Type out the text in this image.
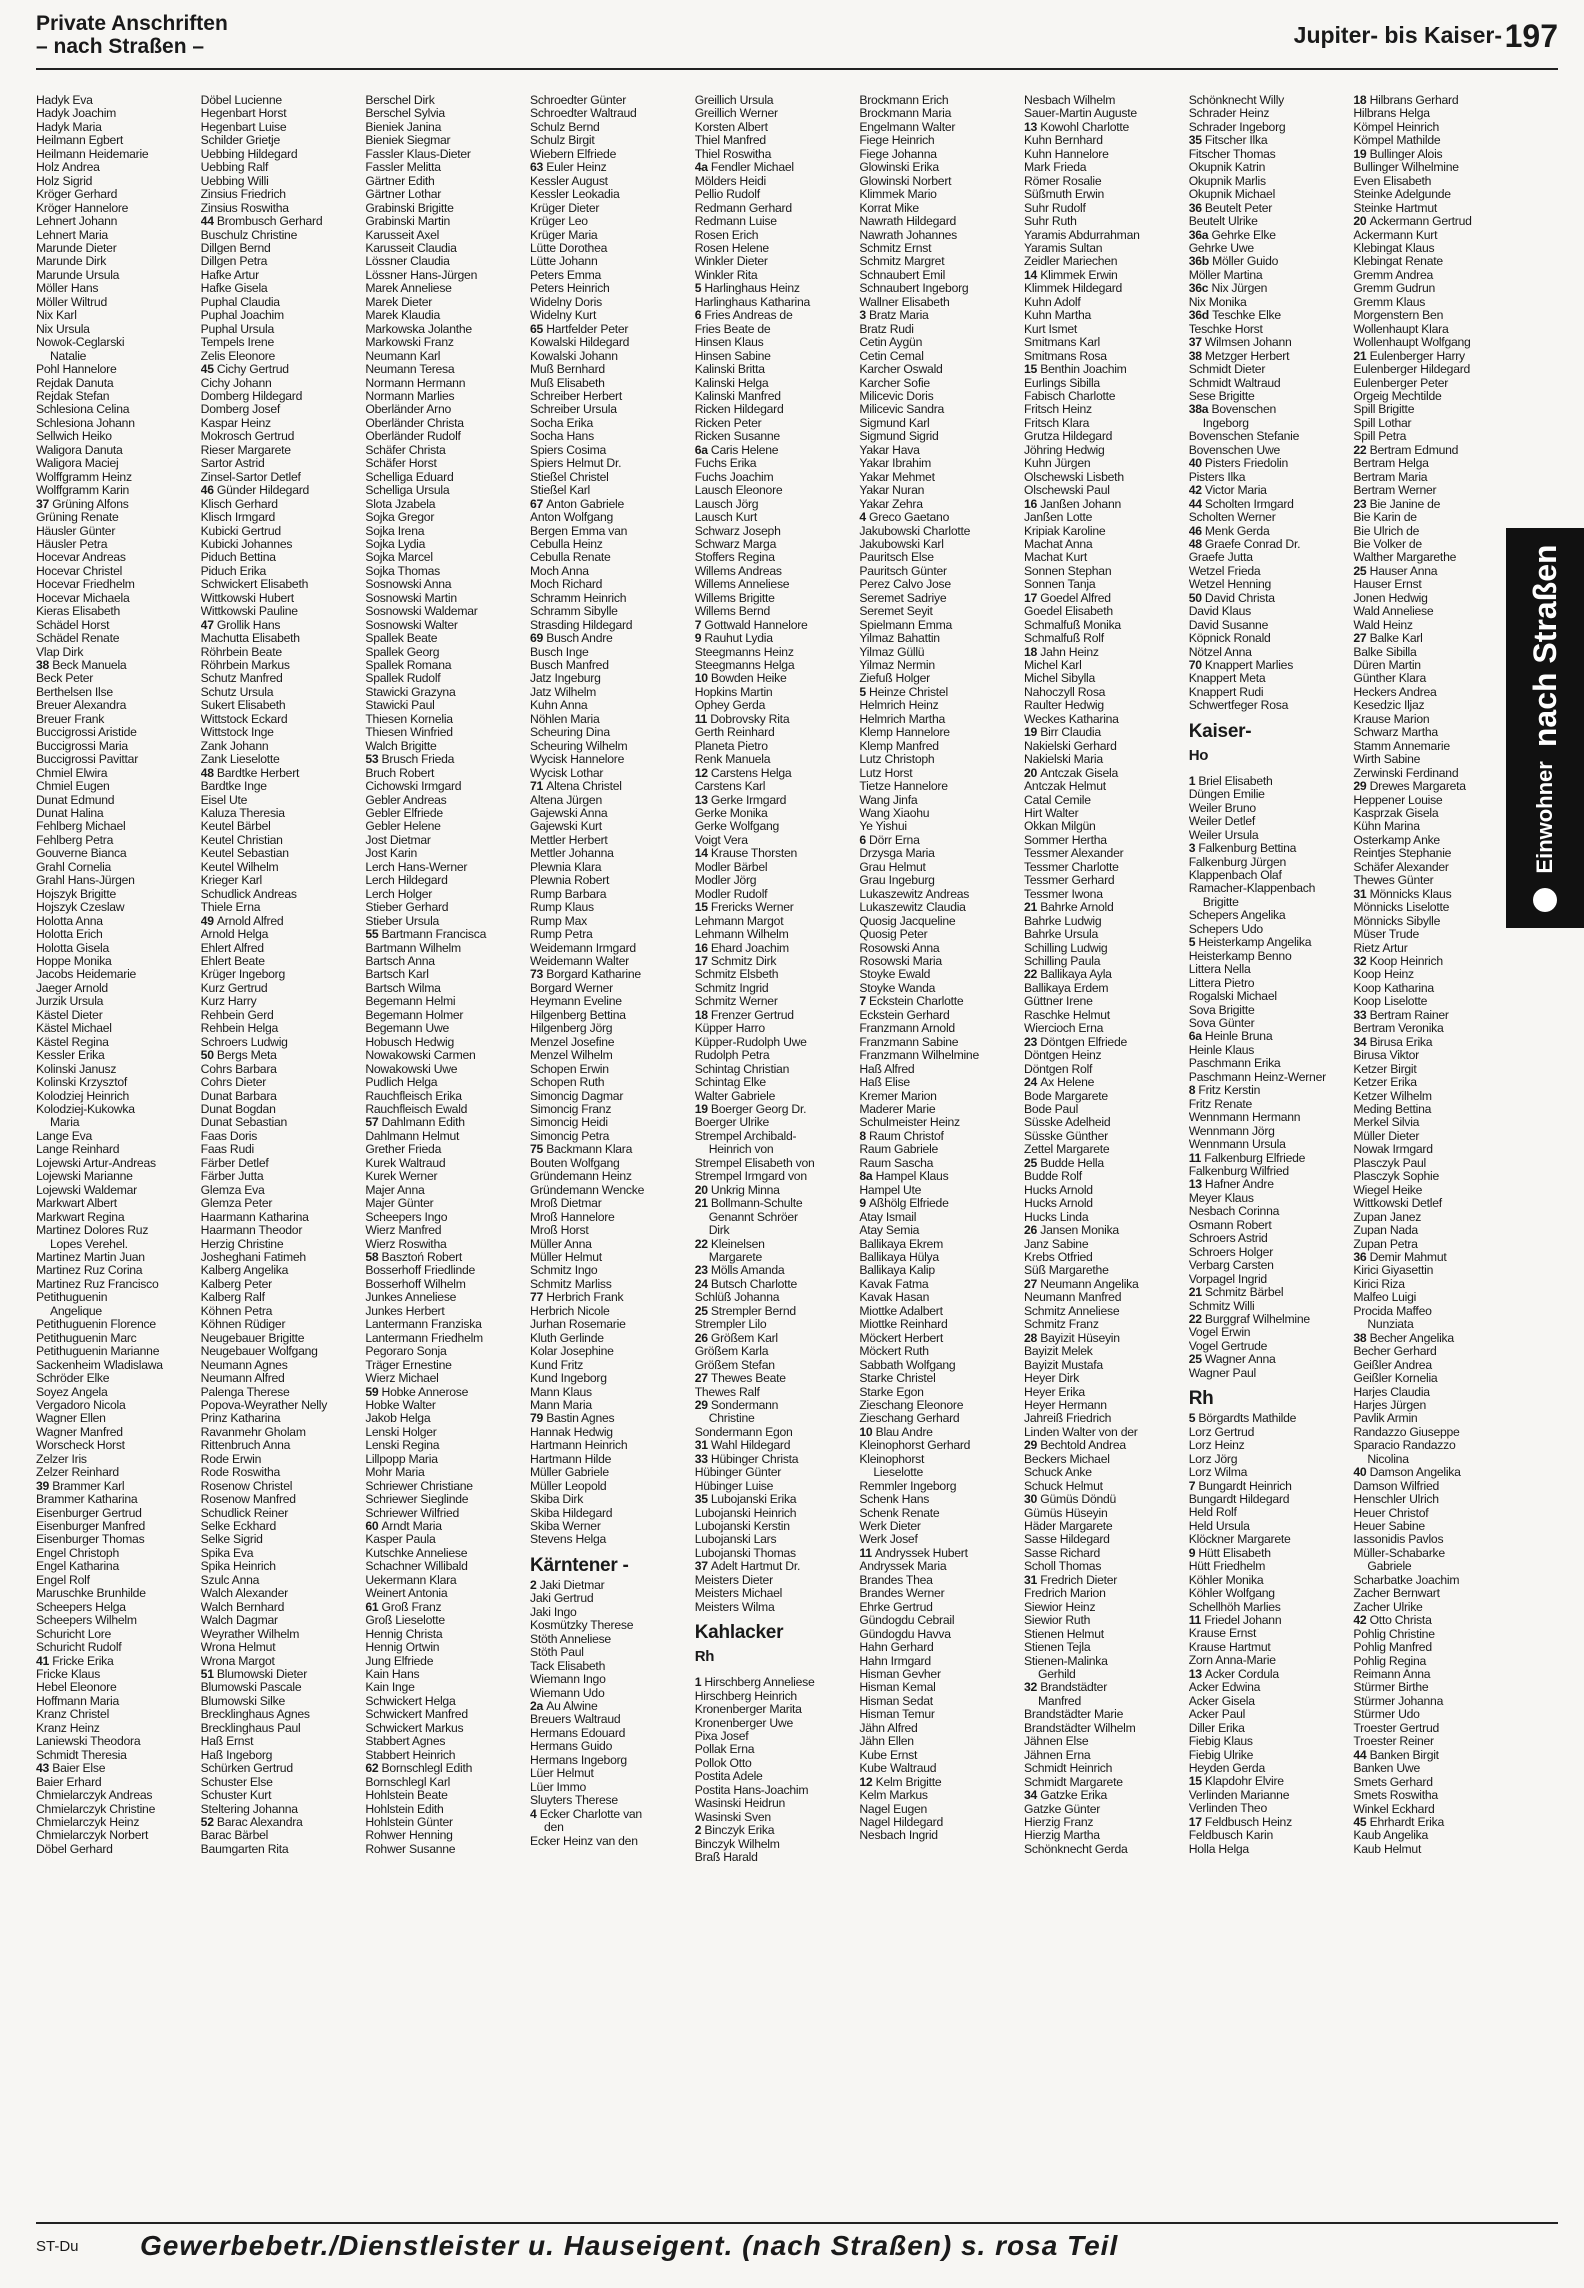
Private Anschriften
– nach Straßen –	Jupiter- bis Kaiser- 197
Hadyk Eva
Hadyk Joachim
Hadyk Maria
Heilmann Egbert
Heilmann Heidemarie
Holz Andrea
Holz Sigrid
Kröger Gerhard
Kröger Hannelore
Lehnert Johann
Lehnert Maria
Marunde Dieter
Marunde Dirk
Marunde Ursula
Möller Hans
Möller Wiltrud
Nix Karl
Nix Ursula
Nowok-Ceglarski
Natalie
Pohl Hannelore
Rejdak Danuta
Rejdak Stefan
Schlesiona Celina
Schlesiona Johann
Sellwich Heiko
Waligora Danuta
Waligora Maciej
Wolffgramm Heinz
Wolffgramm Karin
37 Grüning Alfons
Grüning Renate
Häusler Günter
Häusler Petra
Hocevar Andreas
Hocevar Christel
Hocevar Friedhelm
Hocevar Michaela
Kieras Elisabeth
Schädel Horst
Schädel Renate
Vlap Dirk
38 Beck Manuela
Beck Peter
Berthelsen Ilse
Breuer Alexandra
Breuer Frank
Buccigrossi Aristide
Buccigrossi Maria
Buccigrossi Pavittar
Chmiel Elwira
Chmiel Eugen
Dunat Edmund
Dunat Halina
Fehlberg Michael
Fehlberg Petra
Gouverne Bianca
Grahl Cornelia
Grahl Hans-Jürgen
Hojszyk Brigitte
Hojszyk Czeslaw
Holotta Anna
Holotta Erich
Holotta Gisela
Hoppe Monika
Jacobs Heidemarie
Jaeger Arnold
Jurzik Ursula
Kästel Dieter
Kästel Michael
Kästel Regina
Kessler Erika
Kolinski Janusz
Kolinski Krzysztof
Kolodziej Heinrich
Kolodziej-Kukowka
Maria
Lange Eva
Lange Reinhard
Lojewski Artur-Andreas
Lojewski Marianne
Lojewski Waldemar
Markwart Albert
Markwart Regina
Martinez Dolores Ruz
Lopes Verehel.
Martinez Martin Juan
Martinez Ruz Corina
Martinez Ruz Francisco
Petithuguenin
Angelique
Petithuguenin Florence
Petithuguenin Marc
Petithuguenin Marianne
Sackenheim Wladislawa
Schröder Elke
Soyez Angela
Vergadoro Nicola
Wagner Ellen
Wagner Manfred
Worscheck Horst
Zelzer Iris
Zelzer Reinhard
39 Brammer Karl
Brammer Katharina
Eisenburger Gertrud
Eisenburger Manfred
Eisenburger Thomas
Engel Christoph
Engel Katharina
Engel Rolf
Maruschke Brunhilde
Scheepers Helga
Scheepers Wilhelm
Schuricht Lore
Schuricht Rudolf
41 Fricke Erika
Fricke Klaus
Hebel Eleonore
Hoffmann Maria
Kranz Christel
Kranz Heinz
Laniewski Theodora
Schmidt Theresia
43 Baier Else
Baier Erhard
Chmielarczyk Andreas
Chmielarczyk Christine
Chmielarczyk Heinz
Chmielarczyk Norbert
Döbel Gerhard
Döbel Lucienne
Hegenbart Horst
Hegenbart Luise
Schilder Grietje
Uebbing Hildegard
Uebbing Ralf
Uebbing Willi
Zinsius Friedrich
Zinsius Roswitha
44 Brombusch Gerhard
Buschulz Christine
Dillgen Bernd
Dillgen Petra
Hafke Artur
Hafke Gisela
Puphal Claudia
Puphal Joachim
Puphal Ursula
Tempels Irene
Zelis Eleonore
45 Cichy Gertrud
Cichy Johann
Domberg Hildegard
Domberg Josef
Kaspar Heinz
Mokrosch Gertrud
Rieser Margarete
Sartor Astrid
Zinsel-Sartor Detlef
46 Günder Hildegard
Klisch Gerhard
Klisch Irmgard
Kubicki Gertrud
Kubicki Johannes
Piduch Bettina
Piduch Erika
Schwickert Elisabeth
Wittkowski Hubert
Wittkowski Pauline
47 Grollik Hans
Machutta Elisabeth
Röhrbein Beate
Röhrbein Markus
Schutz Manfred
Schutz Ursula
Sukert Elisabeth
Wittstock Eckard
Wittstock Inge
Zank Johann
Zank Lieselotte
48 Bardtke Herbert
Bardtke Inge
Eisel Ute
Kaluza Theresia
Keutel Bärbel
Keutel Christian
Keutel Sebastian
Keutel Wilhelm
Krieger Karl
Schudlick Andreas
Thiele Erna
49 Arnold Alfred
Arnold Helga
Ehlert Alfred
Ehlert Beate
Krüger Ingeborg
Kurz Gertrud
Kurz Harry
Rehbein Gerd
Rehbein Helga
Schroers Ludwig
50 Bergs Meta
Cohrs Barbara
Cohrs Dieter
Dunat Barbara
Dunat Bogdan
Dunat Sebastian
Faas Doris
Faas Rudi
Färber Detlef
Färber Jutta
Glemza Eva
Glemza Peter
Haarmann Katharina
Haarmann Theodor
Herzig Christine
Josheghani Fatimeh
Kalberg Angelika
Kalberg Peter
Kalberg Ralf
Köhnen Petra
Köhnen Rüdiger
Neugebauer Brigitte
Neugebauer Wolfgang
Neumann Agnes
Neumann Alfred
Palenga Therese
Popova-Weyrather Nelly
Prinz Katharina
Ravanmehr Gholam
Rittenbruch Anna
Rode Erwin
Rode Roswitha
Rosenow Christel
Rosenow Manfred
Schudlick Reiner
Selke Eckhard
Selke Sigrid
Spika Eva
Spika Heinrich
Szulc Anna
Walch Alexander
Walch Bernhard
Walch Dagmar
Weyrather Wilhelm
Wrona Helmut
Wrona Margot
51 Blumowski Dieter
Blumowski Pascale
Blumowski Silke
Brecklinghaus Agnes
Brecklinghaus Paul
Haß Ernst
Haß Ingeborg
Schürken Gertrud
Schuster Else
Schuster Kurt
Steltering Johanna
52 Barac Alexandra
Barac Bärbel
Baumgarten Rita
Berschel Dirk
Berschel Sylvia
Bieniek Janina
Bieniek Siegmar
Fassler Klaus-Dieter
Fassler Melitta
Gärtner Edith
Gärtner Lothar
Grabinski Brigitte
Grabinski Martin
Karusseit Axel
Karusseit Claudia
Lössner Claudia
Lössner Hans-Jürgen
Marek Anneliese
Marek Dieter
Marek Klaudia
Markowska Jolanthe
Markowski Franz
Neumann Karl
Neumann Teresa
Normann Hermann
Normann Marlies
Oberländer Arno
Oberländer Christa
Oberländer Rudolf
Schäfer Christa
Schäfer Horst
Schelliga Eduard
Schelliga Ursula
Slota Jzabela
Sojka Gregor
Sojka Irena
Sojka Lydia
Sojka Marcel
Sojka Thomas
Sosnowski Anna
Sosnowski Martin
Sosnowski Waldemar
Sosnowski Walter
Spallek Beate
Spallek Georg
Spallek Romana
Spallek Rudolf
Stawicki Grazyna
Stawicki Paul
Thiesen Kornelia
Thiesen Winfried
Walch Brigitte
53 Brusch Frieda
Bruch Robert
Cichowski Irmgard
Gebler Andreas
Gebler Elfriede
Gebler Helene
Jost Dietmar
Jost Karin
Lerch Hans-Werner
Lerch Hildegard
Lerch Holger
Stieber Gerhard
Stieber Ursula
55 Bartmann Francisca
Bartmann Wilhelm
Bartsch Anna
Bartsch Karl
Bartsch Wilma
Begemann Helmi
Begemann Holmer
Begemann Uwe
Hobusch Hedwig
Nowakowski Carmen
Nowakowski Uwe
Pudlich Helga
Rauchfleisch Erika
Rauchfleisch Ewald
57 Dahlmann Edith
Dahlmann Helmut
Grether Frieda
Kurek Waltraud
Kurek Werner
Majer Anna
Majer Günter
Scheepers Ingo
Wierz Manfred
Wierz Roswitha
58 Basztoń Robert
Bosserhoff Friedlinde
Bosserhoff Wilhelm
Junkes Anneliese
Junkes Herbert
Lantermann Franziska
Lantermann Friedhelm
Pegoraro Sonja
Träger Ernestine
Wierz Michael
59 Hobke Annerose
Hobke Walter
Jakob Helga
Lenski Holger
Lenski Regina
Lillpopp Maria
Mohr Maria
Schriewer Christiane
Schriewer Sieglinde
Schriewer Wilfried
60 Arndt Maria
Kasper Paula
Kutschke Anneliese
Schachner Willibald
Uekermann Klara
Weinert Antonia
61 Groß Franz
Groß Lieselotte
Hennig Christa
Hennig Ortwin
Jung Elfriede
Kain Hans
Kain Inge
Schwickert Helga
Schwickert Manfred
Schwickert Markus
Stabbert Agnes
Stabbert Heinrich
62 Bornschlegl Edith
Bornschlegl Karl
Hohlstein Beate
Hohlstein Edith
Hohlstein Günter
Rohwer Henning
Rohwer Susanne
Schroedter Günter
Schroedter Waltraud
Schulz Bernd
Schulz Birgit
Wiebern Elfriede
63 Euler Heinz
Kessler August
Kessler Leokadia
Krüger Dieter
Krüger Leo
Krüger Maria
Lütte Dorothea
Lütte Johann
Peters Emma
Peters Heinrich
Widelny Doris
Widelny Kurt
65 Hartfelder Peter
Kowalski Hildegard
Kowalski Johann
Muß Bernhard
Muß Elisabeth
Schreiber Herbert
Schreiber Ursula
Socha Erika
Socha Hans
Spiers Cosima
Spiers Helmut Dr.
Stießel Christel
Stießel Karl
67 Anton Gabriele
Anton Wolfgang
Bergen Emma van
Cebulla Heinz
Cebulla Renate
Moch Anna
Moch Richard
Schramm Heinrich
Schramm Sibylle
Strasding Hildegard
69 Busch Andre
Busch Inge
Busch Manfred
Jatz Ingeburg
Jatz Wilhelm
Kuhn Anna
Nöhlen Maria
Scheuring Dina
Scheuring Wilhelm
Wycisk Hannelore
Wycisk Lothar
71 Altena Christel
Altena Jürgen
Gajewski Anna
Gajewski Kurt
Mettler Herbert
Mettler Johanna
Plewnia Klara
Plewnia Robert
Rump Barbara
Rump Klaus
Rump Max
Rump Petra
Weidemann Irmgard
Weidemann Walter
73 Borgard Katharine
Borgard Werner
Heymann Eveline
Hilgenberg Bettina
Hilgenberg Jörg
Menzel Josefine
Menzel Wilhelm
Schopen Erwin
Schopen Ruth
Simoncig Dagmar
Simoncig Franz
Simoncig Heidi
Simoncig Petra
75 Backmann Klara
Bouten Wolfgang
Gründemann Heinz
Gründemann Wencke
Mroß Dietmar
Mroß Hannelore
Mroß Horst
Müller Anna
Müller Helmut
Schmitz Ingo
Schmitz Marliss
77 Herbrich Frank
Herbrich Nicole
Jurhan Rosemarie
Kluth Gerlinde
Kolar Josephine
Kund Fritz
Kund Ingeborg
Mann Klaus
Mann Maria
79 Bastin Agnes
Hannak Hedwig
Hartmann Heinrich
Hartmann Hilde
Müller Gabriele
Müller Leopold
Skiba Dirk
Skiba Hildegard
Skiba Werner
Stevens Helga
Kärntener -
2 Jaki Dietmar
Jaki Gertrud
Jaki Ingo
Kosmützky Therese
Stöth Anneliese
Stöth Paul
Tack Elisabeth
Wiemann Ingo
Wiemann Udo
2a Au Alwine
Breuers Waltraud
Hermans Edouard
Hermans Guido
Hermans Ingeborg
Lüer Helmut
Lüer Immo
Sluyters Therese
4 Ecker Charlotte van
den
Ecker Heinz van den
Greillich Ursula
Greillich Werner
Korsten Albert
Thiel Manfred
Thiel Roswitha
4a Fendler Michael
Mölders Heidi
Pellio Rudolf
Redmann Gerhard
Redmann Luise
Rosen Erich
Rosen Helene
Winkler Dieter
Winkler Rita
5 Harlinghaus Heinz
Harlinghaus Katharina
6 Fries Andreas de
Fries Beate de
Hinsen Klaus
Hinsen Sabine
Kalinski Britta
Kalinski Helga
Kalinski Manfred
Ricken Hildegard
Ricken Peter
Ricken Susanne
6a Caris Helene
Fuchs Erika
Fuchs Joachim
Lausch Eleonore
Lausch Jörg
Lausch Kurt
Schwarz Joseph
Schwarz Marga
Stoffers Regina
Willems Andreas
Willems Anneliese
Willems Brigitte
Willems Bernd
7 Gottwald Hannelore
9 Rauhut Lydia
Steegmanns Heinz
Steegmanns Helga
10 Bowden Heike
Hopkins Martin
Ophey Gerda
11 Dobrovsky Rita
Gerth Reinhard
Planeta Pietro
Renk Manuela
12 Carstens Helga
Carstens Karl
13 Gerke Irmgard
Gerke Monika
Gerke Wolfgang
Voigt Vera
14 Krause Thorsten
Modler Bärbel
Modler Jörg
Modler Rudolf
15 Frericks Werner
Lehmann Margot
Lehmann Wilhelm
16 Ehard Joachim
17 Schmitz Dirk
Schmitz Elsbeth
Schmitz Ingrid
Schmitz Werner
18 Frenzer Gertrud
Küpper Harro
Küpper-Rudolph Uwe
Rudolph Petra
Schintag Christian
Schintag Elke
Walter Gabriele
19 Boerger Georg Dr.
Boerger Ulrike
Strempel Archibald-
Heinrich von
Strempel Elisabeth von
Strempel Irmgard von
20 Unkrig Minna
21 Bollmann-Schulte
Genannt Schröer
Dirk
22 Kleinelsen
Margarete
23 Mölls Amanda
24 Butsch Charlotte
Schlüß Johanna
25 Strempler Bernd
Strempler Lilo
26 Größem Karl
Größem Karla
Größem Stefan
27 Thewes Beate
Thewes Ralf
29 Sondermann
Christine
Sondermann Egon
31 Wahl Hildegard
33 Hübinger Christa
Hübinger Günter
Hübinger Luise
35 Lubojanski Erika
Lubojanski Heinrich
Lubojanski Kerstin
Lubojanski Lars
Lubojanski Thomas
37 Adelt Hartmut Dr.
Meisters Dieter
Meisters Michael
Meisters Wilma
Kahlacker
Rh
1 Hirschberg Anneliese
Hirschberg Heinrich
Kronenberger Marita
Kronenberger Uwe
Pixa Josef
Pollak Erna
Pollok Otto
Postita Adele
Postita Hans-Joachim
Wasinski Heidrun
Wasinski Sven
2 Binczyk Erika
Binczyk Wilhelm
Braß Harald
Brockmann Erich
Brockmann Maria
Engelmann Walter
Fiege Heinrich
Fiege Johanna
Glowinski Erika
Glowinski Norbert
Klimmek Mario
Korrat Mike
Nawrath Hildegard
Nawrath Johannes
Schmitz Ernst
Schmitz Margret
Schnaubert Emil
Schnaubert Ingeborg
Wallner Elisabeth
3 Bratz Maria
Bratz Rudi
Cetin Aygün
Cetin Cemal
Karcher Oswald
Karcher Sofie
Milicevic Doris
Milicevic Sandra
Sigmund Karl
Sigmund Sigrid
Yakar Hava
Yakar Ibrahim
Yakar Mehmet
Yakar Nuran
Yakar Zehra
4 Greco Gaetano
Jakubowski Charlotte
Jakubowski Karl
Pauritsch Else
Pauritsch Günter
Perez Calvo Jose
Seremet Sadriye
Seremet Seyit
Spielmann Emma
Yilmaz Bahattin
Yilmaz Güllü
Yilmaz Nermin
Ziefuß Holger
5 Heinze Christel
Helmrich Heinz
Helmrich Martha
Klemp Hannelore
Klemp Manfred
Lutz Christoph
Lutz Horst
Tietze Hannelore
Wang Jinfa
Wang Xiaohu
Ye Yishui
6 Dörr Erna
Drzysga Maria
Grau Helmut
Grau Ingeburg
Lukaszewitz Andreas
Lukaszewitz Claudia
Quosig Jacqueline
Quosig Peter
Rosowski Anna
Rosowski Maria
Stoyke Ewald
Stoyke Wanda
7 Eckstein Charlotte
Eckstein Gerhard
Franzmann Arnold
Franzmann Sabine
Franzmann Wilhelmine
Haß Alfred
Haß Elise
Kremer Marion
Maderer Marie
Schulmeister Heinz
8 Raum Christof
Raum Gabriele
Raum Sascha
8a Hampel Klaus
Hampel Ute
9 Aßhölg Elfriede
Atay Ismail
Atay Semia
Ballikaya Ekrem
Ballikaya Hülya
Ballikaya Kalip
Kavak Fatma
Kavak Hasan
Miottke Adalbert
Miottke Reinhard
Möckert Herbert
Möckert Ruth
Sabbath Wolfgang
Starke Christel
Starke Egon
Zieschang Eleonore
Zieschang Gerhard
10 Blau Andre
Kleinophorst Gerhard
Kleinophorst
Lieselotte
Remmler Ingeborg
Schenk Hans
Schenk Renate
Werk Dieter
Werk Josef
11 Andryssek Hubert
Andryssek Maria
Brandes Thea
Brandes Werner
Ehrke Gertrud
Gündogdu Cebrail
Gündogdu Havva
Hahn Gerhard
Hahn Irmgard
Hisman Gevher
Hisman Kemal
Hisman Sedat
Hisman Temur
Jähn Alfred
Jähn Ellen
Kube Ernst
Kube Waltraud
12 Kelm Brigitte
Kelm Markus
Nagel Eugen
Nagel Hildegard
Nesbach Ingrid
Nesbach Wilhelm
Sauer-Martin Auguste
13 Kowohl Charlotte
Kuhn Bernhard
Kuhn Hannelore
Mark Frieda
Römer Rosalie
Süßmuth Erwin
Suhr Rudolf
Suhr Ruth
Yaramis Abdurrahman
Yaramis Sultan
Zeidler Mariechen
14 Klimmek Erwin
Klimmek Hildegard
Kuhn Adolf
Kuhn Martha
Kurt Ismet
Smitmans Karl
Smitmans Rosa
15 Benthin Joachim
Eurlings Sibilla
Fabisch Charlotte
Fritsch Heinz
Fritsch Klara
Grutza Hildegard
Jöhring Hedwig
Kuhn Jürgen
Olschewski Lisbeth
Olschewski Paul
16 Janßen Johann
Janßen Lotte
Kripiak Karoline
Machat Anna
Machat Kurt
Sonnen Stephan
Sonnen Tanja
17 Goedel Alfred
Goedel Elisabeth
Schmalfuß Monika
Schmalfuß Rolf
18 Jahn Heinz
Michel Karl
Michel Sibylla
Nahoczyll Rosa
Raulter Hedwig
Weckes Katharina
19 Birr Claudia
Nakielski Gerhard
Nakielski Maria
20 Antczak Gisela
Antczak Helmut
Catal Cemile
Hirt Walter
Okkan Milgün
Sommer Hertha
Tessmer Alexander
Tessmer Charlotte
Tessmer Gerhard
Tessmer Iwona
21 Bahrke Arnold
Bahrke Ludwig
Bahrke Ursula
Schilling Ludwig
Schilling Paula
22 Ballikaya Ayla
Ballikaya Erdem
Güttner Irene
Raschke Helmut
Wiercioch Erna
23 Döntgen Elfriede
Döntgen Heinz
Döntgen Rolf
24 Ax Helene
Bode Margarete
Bode Paul
Süsske Adelheid
Süsske Günther
Zettel Margarete
25 Budde Hella
Budde Rolf
Hucks Arnold
Hucks Arnold
Hucks Linda
26 Jansen Monika
Janz Sabine
Krebs Otfried
Süß Margarethe
27 Neumann Angelika
Neumann Manfred
Schmitz Anneliese
Schmitz Franz
28 Bayizit Hüseyin
Bayizit Melek
Bayizit Mustafa
Heyer Dirk
Heyer Erika
Heyer Hermann
Jahreiß Friedrich
Linden Walter von der
29 Bechtold Andrea
Beckers Michael
Schuck Anke
Schuck Helmut
30 Gümüs Döndü
Gümüs Hüseyin
Häder Margarete
Sasse Hildegard
Sasse Richard
Scholl Thomas
31 Fredrich Dieter
Fredrich Marion
Siewior Heinz
Siewior Ruth
Stienen Helmut
Stienen Tejla
Stienen-Malinka
Gerhild
32 Brandstädter
Manfred
Brandstädter Marie
Brandstädter Wilhelm
Jähnen Else
Jähnen Erna
Schmidt Heinrich
Schmidt Margarete
34 Gatzke Erika
Gatzke Günter
Hierzig Franz
Hierzig Martha
Schönknecht Gerda
Schönknecht Willy
Schrader Heinz
Schrader Ingeborg
35 Fitscher Ilka
Fitscher Thomas
Okupnik Katrin
Okupnik Marlis
Okupnik Michael
36 Beutelt Peter
Beutelt Ulrike
36a Gehrke Elke
Gehrke Uwe
36b Möller Guido
Möller Martina
36c Nix Jürgen
Nix Monika
36d Teschke Elke
Teschke Horst
37 Wilmsen Johann
38 Metzger Herbert
Schmidt Dieter
Schmidt Waltraud
Sese Brigitte
38a Bovenschen
Ingeborg
Bovenschen Stefanie
Bovenschen Uwe
40 Pisters Friedolin
Pisters Ilka
42 Victor Maria
44 Scholten Irmgard
Scholten Werner
46 Menk Gerda
48 Graefe Conrad Dr.
Graefe Jutta
Wetzel Frieda
Wetzel Henning
50 David Christa
David Klaus
David Susanne
Köpnick Ronald
Nötzel Anna
70 Knappert Marlies
Knappert Meta
Knappert Rudi
Schwertfeger Rosa
Kaiser-
Ho
1 Briel Elisabeth
Düngen Emilie
Weiler Bruno
Weiler Detlef
Weiler Ursula
3 Falkenburg Bettina
Falkenburg Jürgen
Klappenbach Olaf
Ramacher-Klappenbach
Brigitte
Schepers Angelika
Schepers Udo
5 Heisterkamp Angelika
Heisterkamp Benno
Littera Nella
Littera Pietro
Rogalski Michael
Sova Brigitte
Sova Günter
6a Heinle Bruna
Heinle Klaus
Paschmann Erika
Paschmann Heinz-Werner
8 Fritz Kerstin
Fritz Renate
Wennmann Hermann
Wennmann Jörg
Wennmann Ursula
11 Falkenburg Elfriede
Falkenburg Wilfried
13 Hafner Andre
Meyer Klaus
Nesbach Corinna
Osmann Robert
Schroers Astrid
Schroers Holger
Verbarg Carsten
Vorpagel Ingrid
21 Schmitz Bärbel
Schmitz Willi
22 Burggraf Wilhelmine
Vogel Erwin
Vogel Gertrude
25 Wagner Anna
Wagner Paul
Rh
5 Börgardts Mathilde
Lorz Gertrud
Lorz Heinz
Lorz Jörg
Lorz Wilma
7 Bungardt Heinrich
Bungardt Hildegard
Held Rolf
Held Ursula
Klöckner Margarete
9 Hütt Elisabeth
Hütt Friedhelm
Köhler Monika
Köhler Wolfgang
Schellhöh Marlies
11 Friedel Johann
Krause Ernst
Krause Hartmut
Zorn Anna-Marie
13 Acker Cordula
Acker Edwina
Acker Gisela
Acker Paul
Diller Erika
Fiebig Klaus
Fiebig Ulrike
Heyden Gerda
15 Klapdohr Elvire
Verlinden Marianne
Verlinden Theo
17 Feldbusch Heinz
Feldbusch Karin
Holla Helga
18 Hilbrans Gerhard
Hilbrans Helga
Kömpel Heinrich
Kömpel Mathilde
19 Bullinger Alois
Bullinger Wilhelmine
Even Elisabeth
Steinke Adelgunde
Steinke Hartmut
20 Ackermann Gertrud
Ackermann Kurt
Klebingat Klaus
Klebingat Renate
Gremm Andrea
Gremm Gudrun
Gremm Klaus
Morgenstern Ben
Wollenhaupt Klara
Wollenhaupt Wolfgang
21 Eulenberger Harry
Eulenberger Hildegard
Eulenberger Peter
Orgeig Mechtilde
Spill Brigitte
Spill Lothar
Spill Petra
22 Bertram Edmund
Bertram Helga
Bertram Maria
Bertram Werner
23 Bie Janine de
Bie Karin de
Bie Ulrich de
Bie Volker de
Walther Margarethe
25 Hauser Anna
Hauser Ernst
Jonen Hedwig
Wald Anneliese
Wald Heinz
27 Balke Karl
Balke Sibilla
Düren Martin
Günther Klara
Heckers Andrea
Kesedzic Iljaz
Krause Marion
Schwarz Martha
Stamm Annemarie
Wirth Sabine
Zerwinski Ferdinand
29 Drewes Margareta
Heppener Louise
Kasprzak Gisela
Kühn Marina
Osterkamp Anke
Reintjes Stephanie
Schäfer Alexander
Thewes Günter
31 Mönnicks Klaus
Mönnicks Liselotte
Mönnicks Sibylle
Müser Trude
Rietz Artur
32 Koop Heinrich
Koop Heinz
Koop Katharina
Koop Liselotte
33 Bertram Rainer
Bertram Veronika
34 Birusa Erika
Birusa Viktor
Ketzer Birgit
Ketzer Erika
Ketzer Wilhelm
Meding Bettina
Merkel Silvia
Müller Dieter
Nowak Irmgard
Plasczyk Paul
Plasczyk Sophie
Wiegel Heike
Wittkowski Detlef
Zupan Janez
Zupan Nada
Zupan Petra
36 Demir Mahmut
Kirici Giyasettin
Kirici Riza
Malfeo Luigi
Procida Maffeo
Nunziata
38 Becher Angelika
Becher Gerhard
Geißler Andrea
Geißler Kornelia
Harjes Claudia
Harjes Jürgen
Pavlik Armin
Randazzo Giuseppe
Sparacio Randazzo
Nicolina
40 Damson Angelika
Damson Wilfried
Henschler Ulrich
Heuer Christof
Heuer Sabine
Iassonidis Pavlos
Müller-Schabarke
Gabriele
Scharbatke Joachim
Zacher Bernwart
Zacher Ulrike
42 Otto Christa
Pohlig Christine
Pohlig Manfred
Pohlig Regina
Reimann Anna
Stürmer Birthe
Stürmer Johanna
Stürmer Udo
Troester Gertrud
Troester Reiner
44 Banken Birgit
Banken Uwe
Smets Gerhard
Smets Roswitha
Winkel Eckhard
45 Ehrhardt Erika
Kaub Angelika
Kaub Helmut
Einwohner
nach Straßen
ST-Du Gewerbebetr./Dienstleister u. Hauseigent. (nach Straßen) s. rosa Teil
